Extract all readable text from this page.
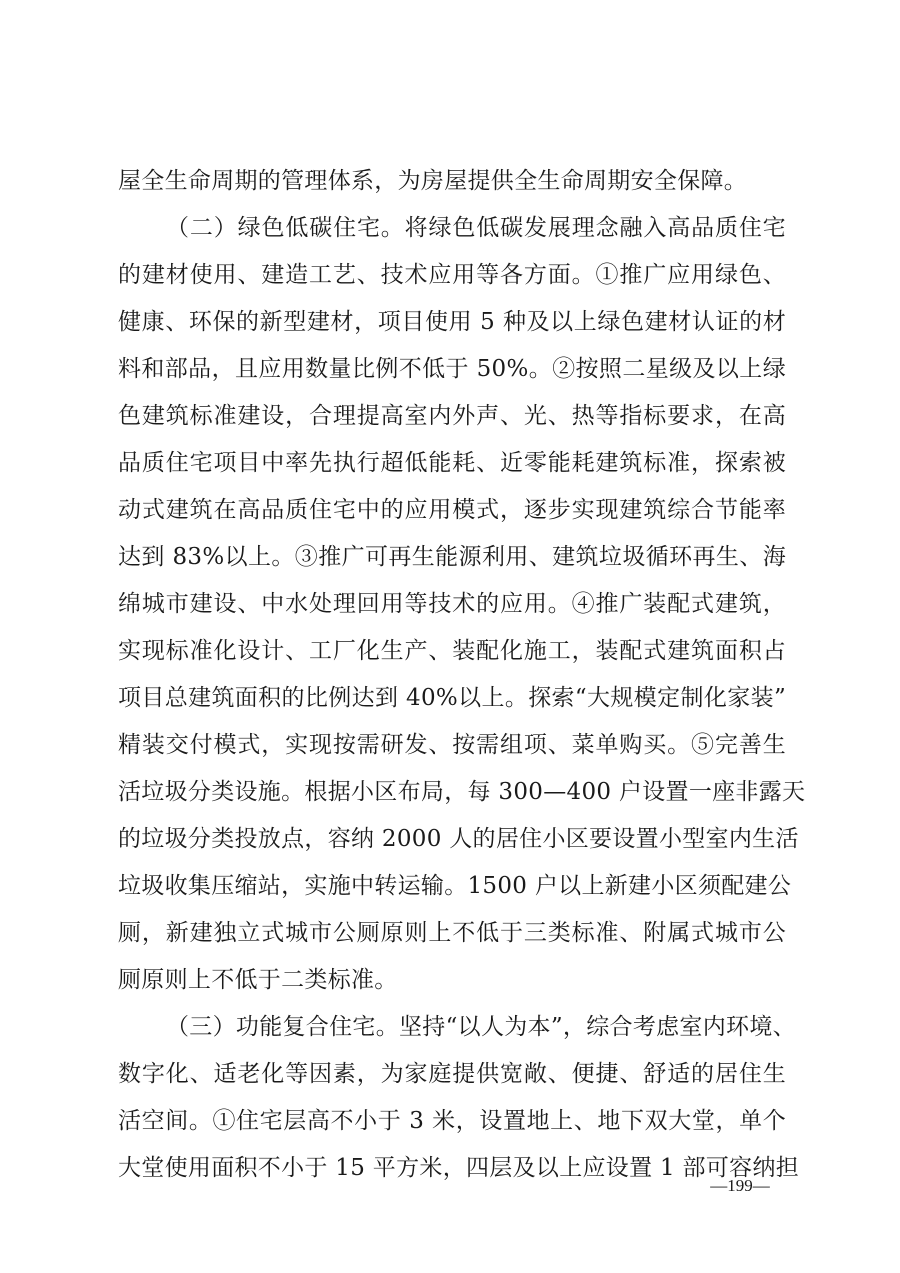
屋全生命周期的管理体系，为房屋提供全生命周期安全保障。
（二）绿色低碳住宅。将绿色低碳发展理念融入高品质住宅
的建材使用、建造工艺、技术应用等各方面。①推广应用绿色、
健康、环保的新型建材，项目使用 5 种及以上绿色建材认证的材
料和部品，且应用数量比例不低于 50%。②按照二星级及以上绿
色建筑标准建设，合理提高室内外声、光、热等指标要求，在高
品质住宅项目中率先执行超低能耗、近零能耗建筑标准，探索被
动式建筑在高品质住宅中的应用模式，逐步实现建筑综合节能率
达到 83%以上。③推广可再生能源利用、建筑垃圾循环再生、海
绵城市建设、中水处理回用等技术的应用。④推广装配式建筑，
实现标准化设计、工厂化生产、装配化施工，装配式建筑面积占
项目总建筑面积的比例达到 40%以上。探索“大规模定制化家装”
精装交付模式，实现按需研发、按需组项、菜单购买。⑤完善生
活垃圾分类设施。根据小区布局，每 300—400 户设置一座非露天
的垃圾分类投放点，容纳 2000 人的居住小区要设置小型室内生活
垃圾收集压缩站，实施中转运输。1500 户以上新建小区须配建公
厕，新建独立式城市公厕原则上不低于三类标准、附属式城市公
厕原则上不低于二类标准。
（三）功能复合住宅。坚持“以人为本”，综合考虑室内环境、
数字化、适老化等因素，为家庭提供宽敞、便捷、舒适的居住生
活空间。①住宅层高不小于 3 米，设置地上、地下双大堂，单个
大堂使用面积不小于 15 平方米，四层及以上应设置 1 部可容纳担
—199—
